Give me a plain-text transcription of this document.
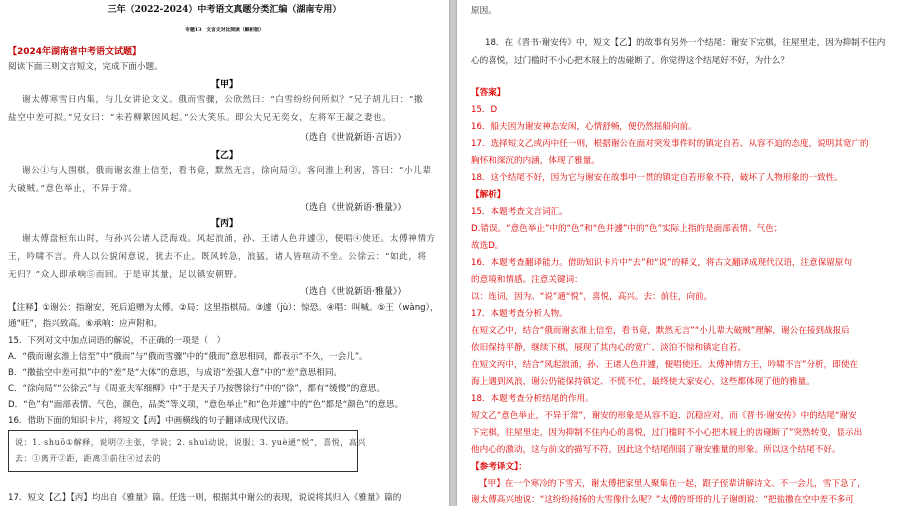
三年（2022-2024）中考语文真题分类汇编（湖南专用）
专题13　文言文对比阅读（解析版）
【2024年湖南省中考语文试题】
阅读下面三则文言短文，完成下面小题。
【甲】
谢太傅寒雪日内集，与儿女讲论文义。俄而雪骤，公欣然曰：“白雪纷纷何所似？”兄子胡儿曰：“撒
盐空中差可拟。”兄女曰：“未若柳絮因风起。”公大笑乐。即公大兄无奕女，左将军王凝之妻也。
（选自《世说新语·言语》）
【乙】
谢公①与人围棋，俄而谢玄淮上信至，看书竟，默然无言，徐向局②。客问淮上利害，答曰：“小儿辈
大破贼。”意色举止，不异于常。
（选自《世说新语·雅量》）
【丙】
谢太傅盘桓东山时，与孙兴公诸人泛海戏。风起浪涌，孙、王诸人色并遽③，便唱④使还。太傅神情方
王，吟啸不言。舟人以公貌闲意说，犹去不止。既风转急，浪猛，诸人皆喧动不坐。公徐云：“如此，将
无归？”众人即承响⑤而回。于是审其量，足以镇安朝野。
（选自《世说新语·雅量》）
【注释】①谢公：指谢安，死后追赠为太傅。②局：这里指棋局。③遽（jù）：惊恐。④唱：叫喊。⑤王（wàng），
通“旺”，指兴致高。⑥承响：应声附和。
15．下列对文中加点词语的解说，不正确的一项是（　）
A．“俄而谢玄淮上信至”中“俄而”与“俄而雪骤”中的“俄而”意思相同，都表示“不久，一会儿”。
B．“撒盐空中差可拟”中的“差”是“大体”的意思，与成语“差强人意”中的“差”意思相同。
C．“徐向局”“公徐云”与《周亚夫军细柳》中“于是天子乃按辔徐行”中的“徐”，都有“缓慢”的意思。
D．“色”有“面部表情、气色，颜色，品类”等义项，“意色举止”和“色并遽”中的“色”都是“颜色”的意思。
16．借助下面的知识卡片，将短文【丙】中画横线的句子翻译成现代汉语。
说：1. shuō①解释，说明②主张，学说；2. shuì动说，说服；3. yuè通“悦”，喜悦，高兴
去：①离开②距，距离③前往④过去的
17．短文【乙】【丙】均出自《雅量》篇。任选一则，根据其中谢公的表现，说说将其归入《雅量》篇的
原因。
18．在《晋书·谢安传》中，短文【乙】的故事有另外一个结尾：谢安下完棋，往屋里走，因为抑制不住内
心的喜悦，过门槛时不小心把木屐上的齿碰断了。你觉得这个结尾好不好，为什么？
【答案】
15．D
16．船夫因为谢安神态安闲，心情舒畅，便仍然摇船向前。
17．选择短文乙或丙中任一则，根据谢公在面对突发事件时的镇定自若、从容不迫的态度，说明其宽广的
胸怀和深沉的内涵，体现了雅量。
18．这个结尾不好，因为它与谢安在故事中一贯的镇定自若形象不符，破坏了人物形象的一致性。
【解析】
15．本题考查文言词汇。
D.错误。“意色举止”中的“色”和“色并遽”中的“色”实际上指的是面部表情、气色；
故选D。
16．本题考查翻译能力。借助知识卡片中“去”和“说”的释义，将古文翻译成现代汉语，注意保留原句
的意境和情感。注意关键词：
以：连词，因为。“说”通“悦”，喜悦，高兴。去：前往，向前。
17．本题考查分析人物。
在短文乙中，结合“俄而谢玄淮上信至，看书竟，默然无言”“小儿辈大破贼”理解，谢公在接到战报后
依旧保持平静，继续下棋，展现了其内心的宽广、淡泊不惊和镇定自若。
在短文丙中，结合“风起浪涌，孙、王诸人色并遽，便唱使还。太傅神情方王，吟啸不言”分析，即使在
海上遇到风浪，谢公仍能保持镇定、不慌不忙，最终使大家安心，这些都体现了他的雅量。
18．本题考查分析结尾的作用。
短文乙“意色举止，不异于常”，谢安的形象是从容不迫、沉稳应对，而《晋书·谢安传》中的结尾“谢安
下完棋，往屋里走，因为抑制不住内心的喜悦，过门槛时不小心把木屐上的齿碰断了”突然转变，显示出
他内心的激动，这与前文的描写不符，因此这个结尾削弱了谢安雅量的形象。所以这个结尾不好。
【参考译文】：
【甲】在一个寒冷的下雪天，谢太傅把家里人聚集在一起，跟子侄辈讲解诗文。不一会儿，雪下急了，
谢太傅高兴地说：“这纷纷扬扬的大雪像什么呢？”太傅的哥哥的儿子谢朗说：“把盐撒在空中差不多可
